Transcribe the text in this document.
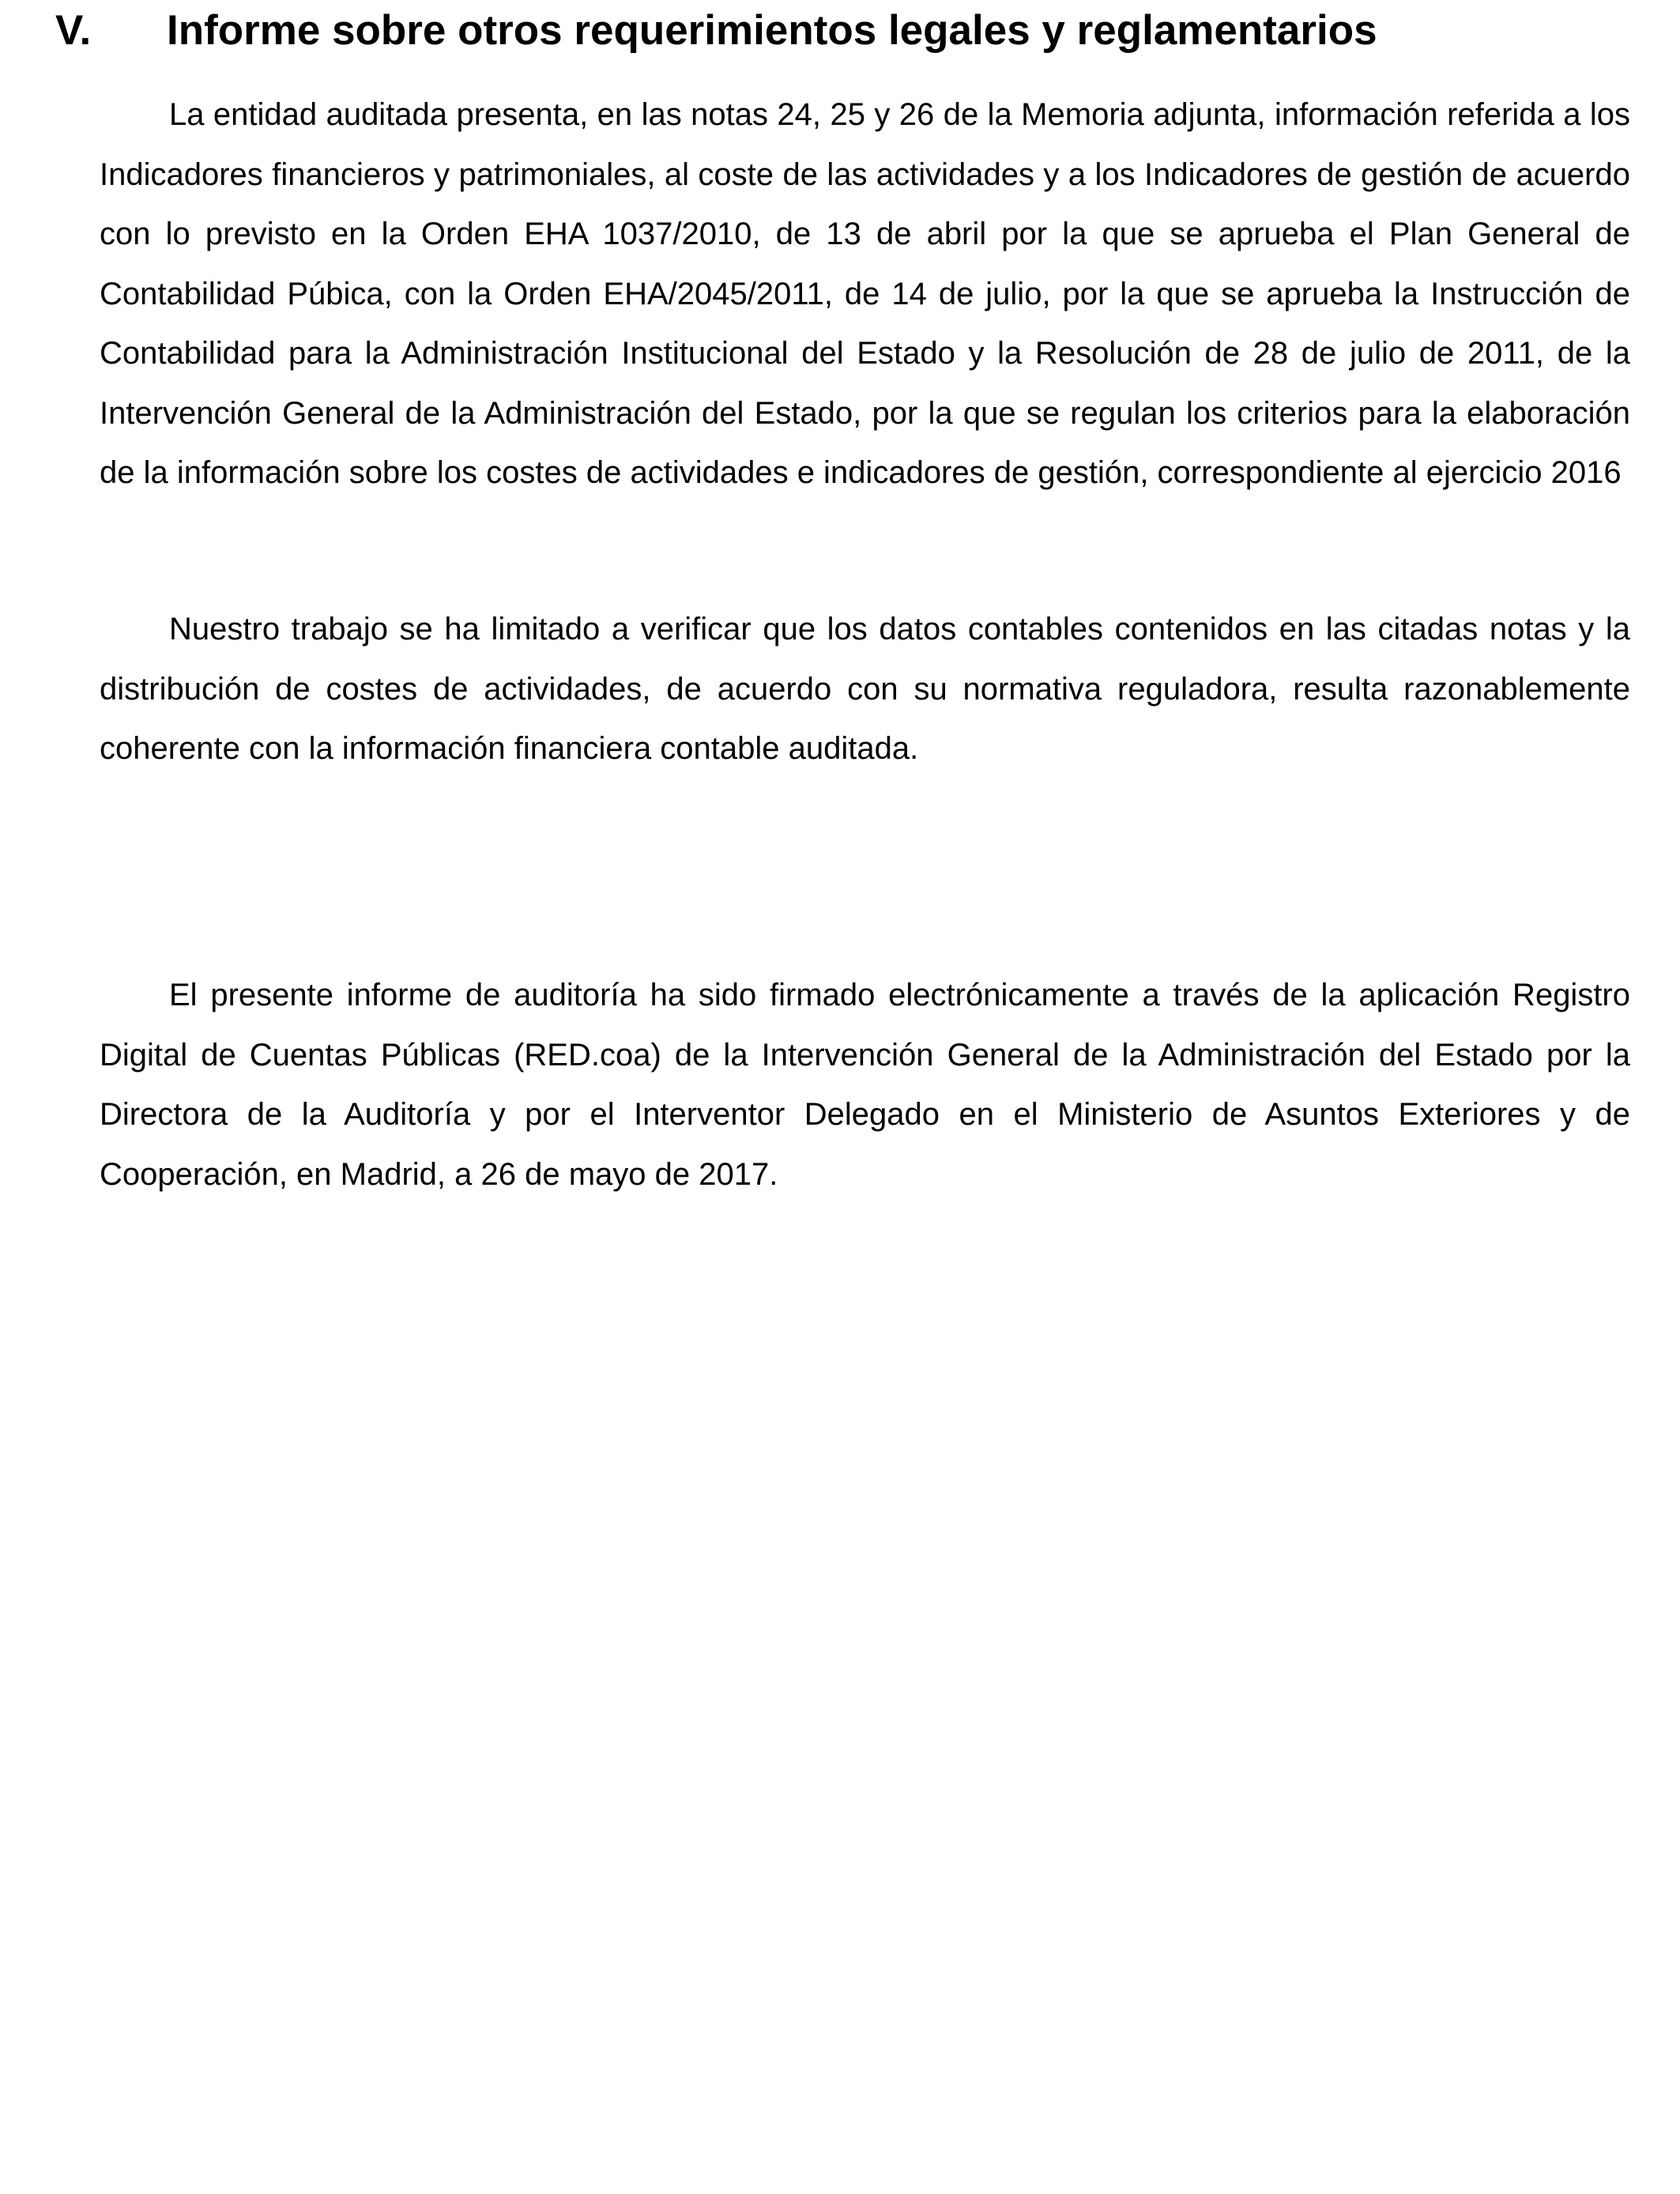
V. Informe sobre otros requerimientos legales y reglamentarios

La entidad auditada presenta, en las notas 24, 25 y 26 de la Memoria adjunta, información referida a los Indicadores financieros y patrimoniales, al coste de las actividades y a los Indicadores de gestión de acuerdo con lo previsto en la Orden EHA 1037/2010, de 13 de abril por la que se aprueba el Plan General de Contabilidad Púbica, con la Orden EHA/2045/2011, de 14 de julio, por la que se aprueba la Instrucción de Contabilidad para la Administración Institucional del Estado y la Resolución de 28 de julio de 2011, de la Intervención General de la Administración del Estado, por la que se regulan los criterios para la elaboración de la información sobre los costes de actividades e indicadores de gestión, correspondiente al ejercicio 2016

Nuestro trabajo se ha limitado a verificar que los datos contables contenidos en las citadas notas y la distribución de costes de actividades, de acuerdo con su normativa reguladora, resulta razonablemente coherente con la información financiera contable auditada.

El presente informe de auditoría ha sido firmado electrónicamente a través de la aplicación Registro Digital de Cuentas Públicas (RED.coa) de la Intervención General de la Administración del Estado por la Directora de la Auditoría y por el Interventor Delegado en el Ministerio de Asuntos Exteriores y de Cooperación, en Madrid, a 26 de mayo de 2017.
